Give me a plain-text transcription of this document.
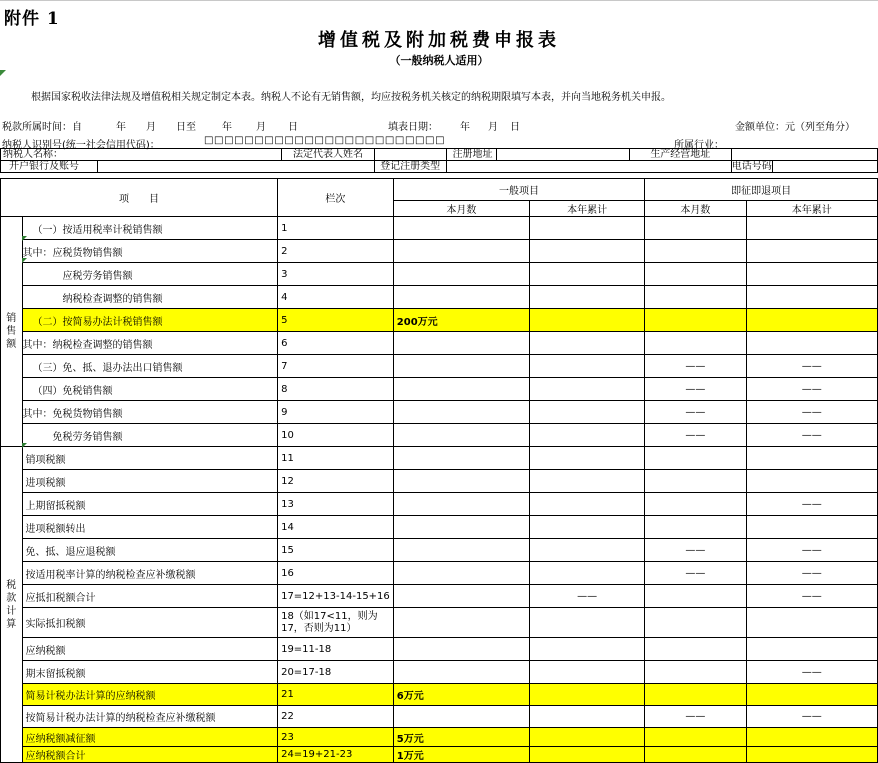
附件 1
增值税及附加税费申报表
（一般纳税人适用）
根据国家税收法律法规及增值税相关规定制定本表。纳税人不论有无销售额，均应按税务机关核定的纳税期限填写本表，并向当地税务机关申报。
税款所属时间：自	年 月 日至	年 月 日	填表日期： 年 月 日	金额单位：元（列至角分）
纳税人识别号(统一社会信用代码)：	□□□□□□□□□□□□□□□□□□□□□□□□	所属行业：
纳税人名称：		法定代表人姓名		注册地址		生产经营地址		
开户银行及账号			登记注册类型				电话号码	
项　　目		栏次	一般项目		即征即退项目	
			本月数	本年累计	本月数	本年累计
销
售
额	（一）按适用税率计税销售额	1				
	其中：应税货物销售额	2				
	应税劳务销售额	3				
	纳税检查调整的销售额	4				
	（二）按简易办法计税销售额	5	200万元			
	其中：纳税检查调整的销售额	6				
	（三）免、抵、退办法出口销售额	7			——	——
	（四）免税销售额	8			——	——
	其中：免税货物销售额	9			——	——
	免税劳务销售额	10			——	——
税
款
计
算	销项税额	11				
	进项税额	12				
	上期留抵税额	13				——
	进项税额转出	14				
	免、抵、退应退税额	15			——	——
	按适用税率计算的纳税检查应补缴税额	16			——	——
	应抵扣税额合计	17=12+13-14-15+16		——		——
	实际抵扣税额	18（如17<11，则为17，否则为11）				
	应纳税额	19=11-18				
	期末留抵税额	20=17-18				——
	简易计税办法计算的应纳税额	21	6万元			
	按简易计税办法计算的纳税检查应补缴税额	22			——	——
	应纳税额减征额	23	5万元			
	应纳税额合计	24=19+21-23	1万元			
